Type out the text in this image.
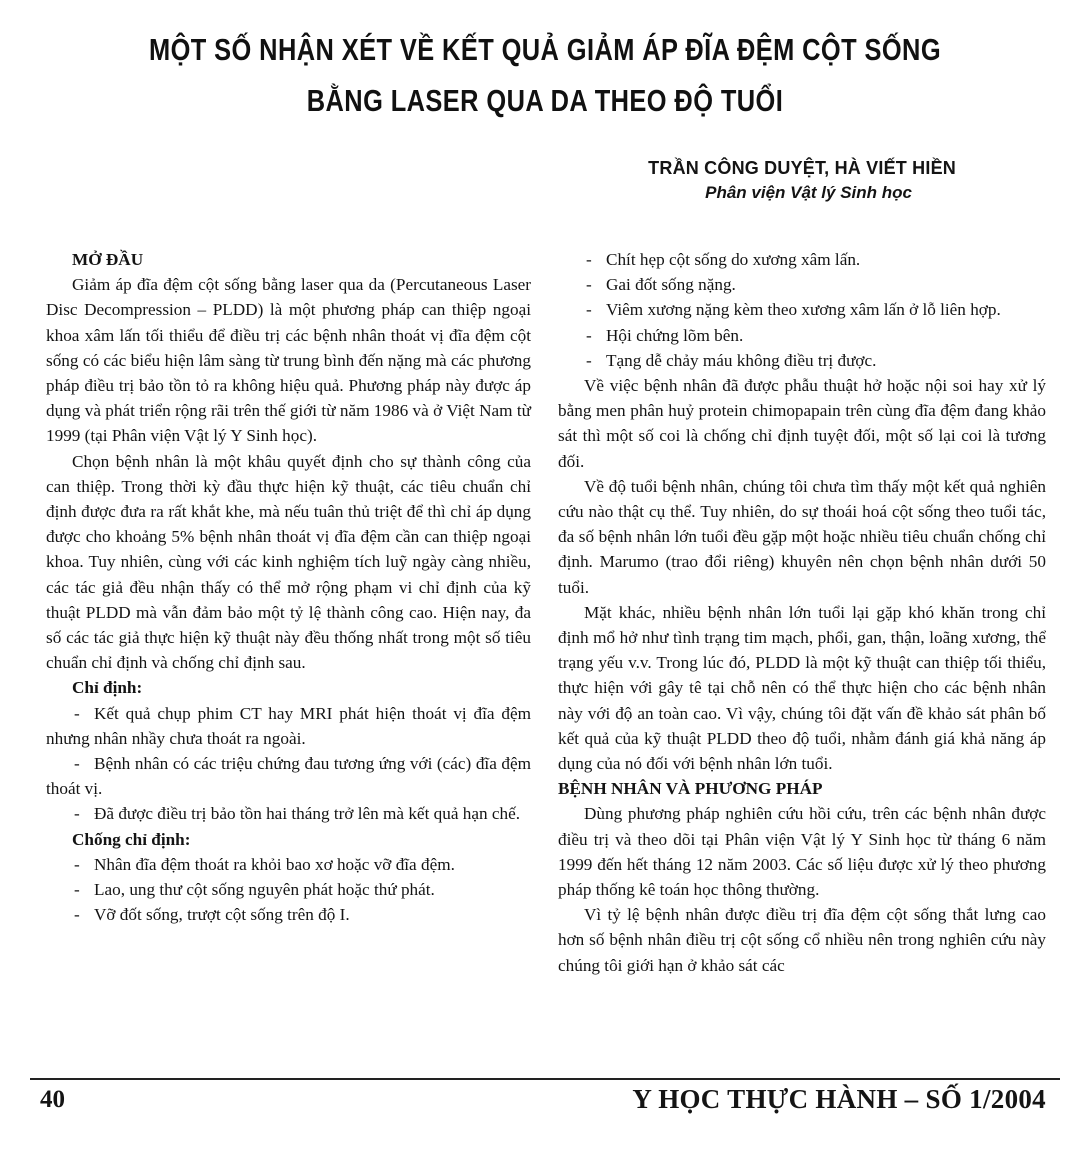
MỘT SỐ NHẬN XÉT VỀ KẾT QUẢ GIẢM ÁP ĐĨA ĐỆM CỘT SỐNG
BẰNG LASER QUA DA THEO ĐỘ TUỔI
TRẦN CÔNG DUYỆT, HÀ VIẾT HIỀN
Phân viện Vật lý Sinh học

MỞ ĐẦU

Giảm áp đĩa đệm cột sống bằng laser qua da (Percutaneous Laser Disc Decompression – PLDD) là một phương pháp can thiệp ngoại khoa xâm lấn tối thiểu để điều trị các bệnh nhân thoát vị đĩa đệm cột sống có các biểu hiện lâm sàng từ trung bình đến nặng mà các phương pháp điều trị bảo tồn tỏ ra không hiệu quả. Phương pháp này được áp dụng và phát triển rộng rãi trên thế giới từ năm 1986 và ở Việt Nam từ 1999 (tại Phân viện Vật lý Y Sinh học).

Chọn bệnh nhân là một khâu quyết định cho sự thành công của can thiệp. Trong thời kỳ đầu thực hiện kỹ thuật, các tiêu chuẩn chỉ định được đưa ra rất khắt khe, mà nếu tuân thủ triệt để thì chỉ áp dụng được cho khoảng 5% bệnh nhân thoát vị đĩa đệm cần can thiệp ngoại khoa. Tuy nhiên, cùng với các kinh nghiệm tích luỹ ngày càng nhiều, các tác giả đều nhận thấy có thể mở rộng phạm vi chỉ định của kỹ thuật PLDD mà vẫn đảm bảo một tỷ lệ thành công cao. Hiện nay, đa số các tác giả thực hiện kỹ thuật này đều thống nhất trong một số tiêu chuẩn chỉ định và chống chỉ định sau.

Chỉ định:

- Kết quả chụp phim CT hay MRI phát hiện thoát vị đĩa đệm nhưng nhân nhầy chưa thoát ra ngoài.

- Bệnh nhân có các triệu chứng đau tương ứng với (các) đĩa đệm thoát vị.

- Đã được điều trị bảo tồn hai tháng trở lên mà kết quả hạn chế.

Chống chỉ định:

- Nhân đĩa đệm thoát ra khỏi bao xơ hoặc vỡ đĩa đệm.

- Lao, ung thư cột sống nguyên phát hoặc thứ phát.

- Vỡ đốt sống, trượt cột sống trên độ I.

- Chít hẹp cột sống do xương xâm lấn.

- Gai đốt sống nặng.

- Viêm xương nặng kèm theo xương xâm lấn ở lỗ liên hợp.

- Hội chứng lõm bên.

- Tạng dễ chảy máu không điều trị được.

Về việc bệnh nhân đã được phẫu thuật hở hoặc nội soi hay xử lý bằng men phân huỷ protein chimopapain trên cùng đĩa đệm đang khảo sát thì một số coi là chống chỉ định tuyệt đối, một số lại coi là tương đối.

Về độ tuổi bệnh nhân, chúng tôi chưa tìm thấy một kết quả nghiên cứu nào thật cụ thể. Tuy nhiên, do sự thoái hoá cột sống theo tuổi tác, đa số bệnh nhân lớn tuổi đều gặp một hoặc nhiều tiêu chuẩn chống chỉ định. Marumo (trao đổi riêng) khuyên nên chọn bệnh nhân dưới 50 tuổi.

Mặt khác, nhiều bệnh nhân lớn tuổi lại gặp khó khăn trong chỉ định mổ hở như tình trạng tim mạch, phổi, gan, thận, loãng xương, thể trạng yếu v.v. Trong lúc đó, PLDD là một kỹ thuật can thiệp tối thiểu, thực hiện với gây tê tại chỗ nên có thể thực hiện cho các bệnh nhân này với độ an toàn cao. Vì vậy, chúng tôi đặt vấn đề khảo sát phân bố kết quả của kỹ thuật PLDD theo độ tuổi, nhằm đánh giá khả năng áp dụng của nó đối với bệnh nhân lớn tuổi.

BỆNH NHÂN VÀ PHƯƠNG PHÁP

Dùng phương pháp nghiên cứu hồi cứu, trên các bệnh nhân được điều trị và theo dõi tại Phân viện Vật lý Y Sinh học từ tháng 6 năm 1999 đến hết tháng 12 năm 2003. Các số liệu được xử lý theo phương pháp thống kê toán học thông thường.

Vì tỷ lệ bệnh nhân được điều trị đĩa đệm cột sống thắt lưng cao hơn số bệnh nhân điều trị cột sống cổ nhiều nên trong nghiên cứu này chúng tôi giới hạn ở khảo sát các

40	Y HỌC THỰC HÀNH – SỐ 1/2004
